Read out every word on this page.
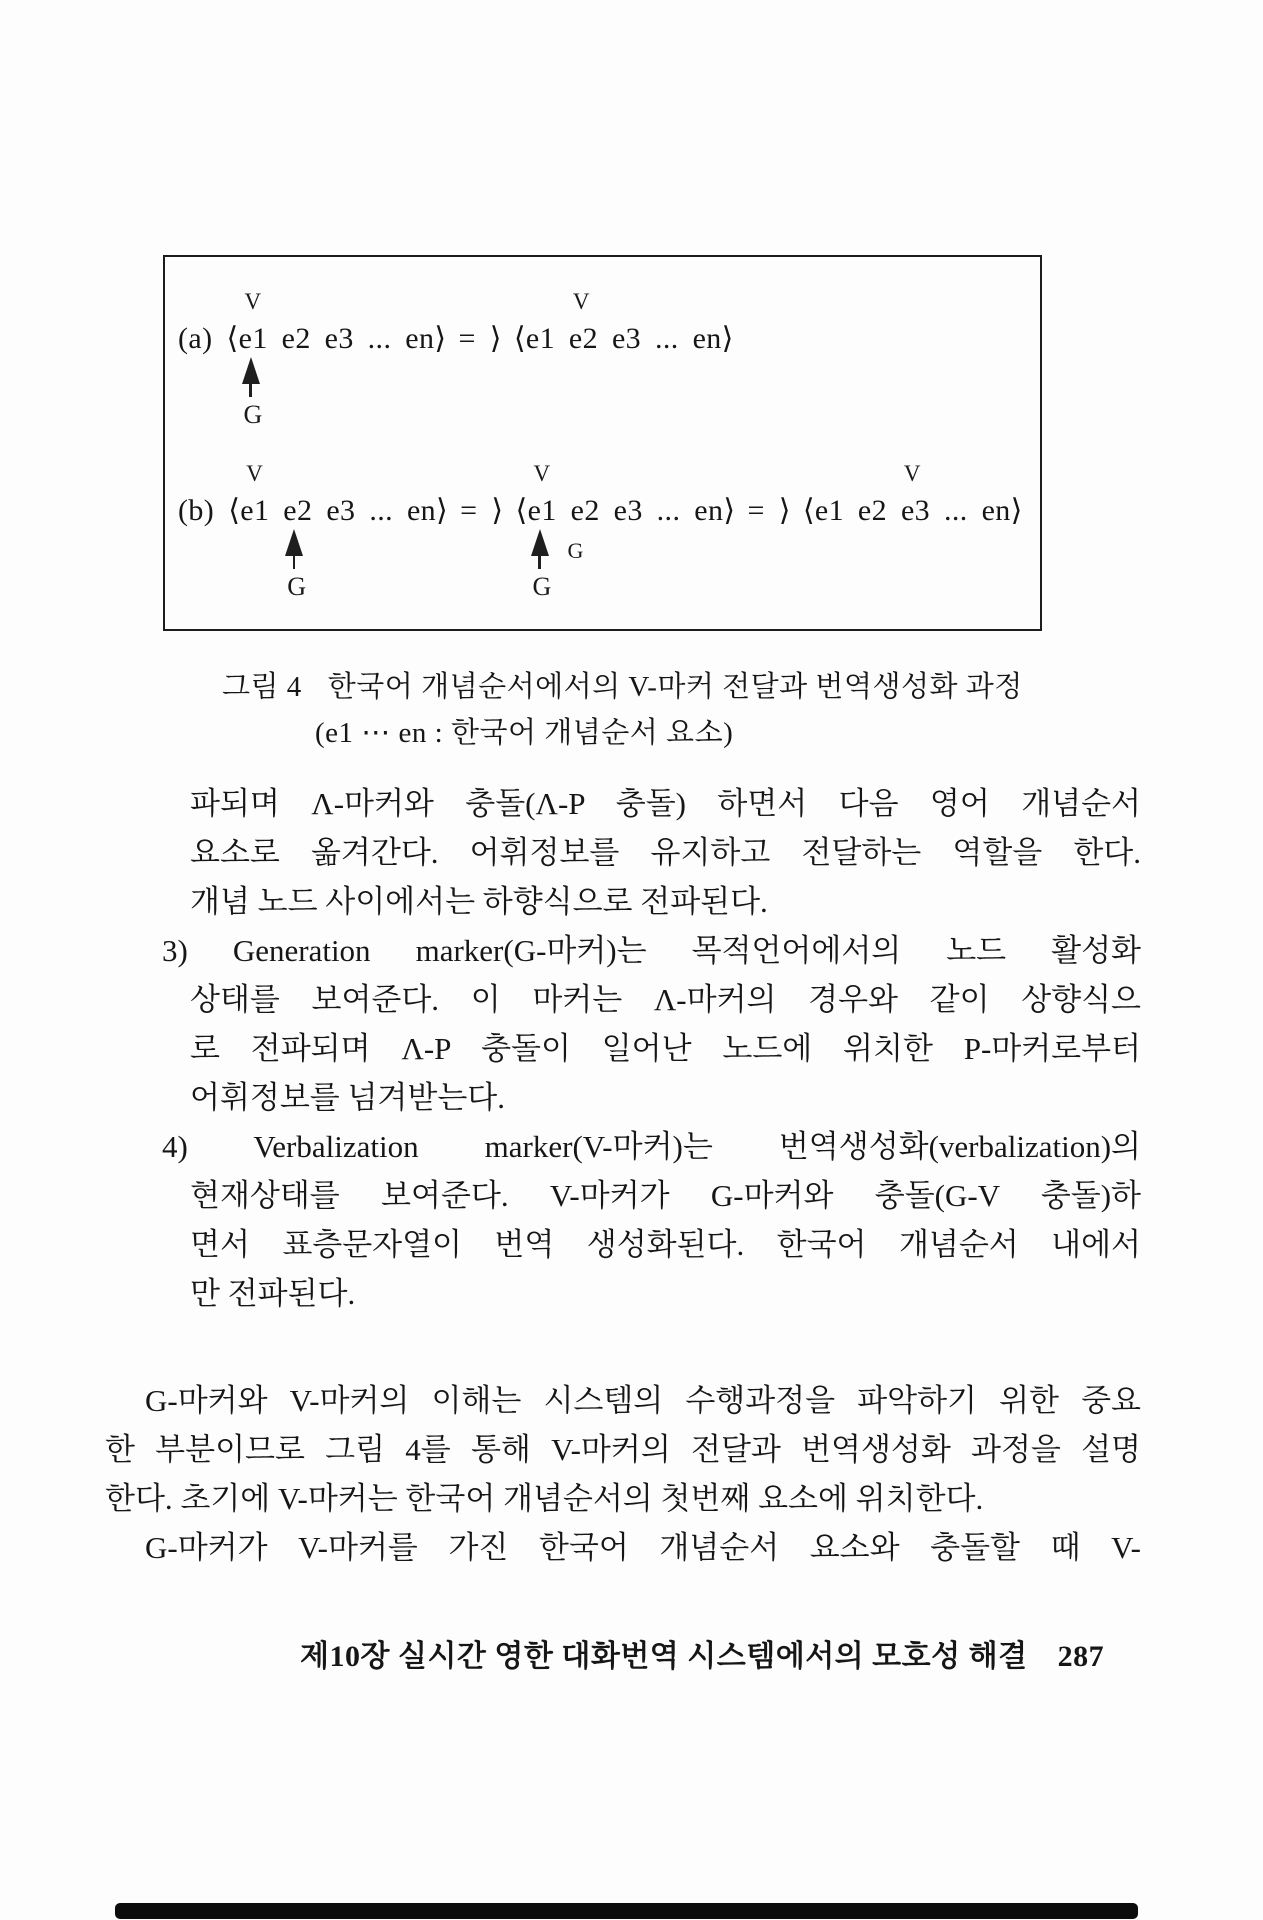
(a)
V
⟨e1 e2 e3 ... en⟩
G
= ⟩
V
⟨e1 e2 e3 ... en⟩
(b)
V
⟨e1 e2 e3 ... en⟩
G
= ⟩
V
⟨e1 e2 e3 ... en⟩
G
G
= ⟩
V
⟨e1 e2 e3 ... en⟩
그림 4 한국어 개념순서에서의 V-마커 전달과 번역생성화 과정
(e1 ⋯ en : 한국어 개념순서 요소)
파되며 Λ-마커와 충돌(Λ-P 충돌) 하면서 다음 영어 개념순서
요소로 옮겨간다. 어휘정보를 유지하고 전달하는 역할을 한다.
개념 노드 사이에서는 하향식으로 전파된다.
3) Generation marker(G-마커)는 목적언어에서의 노드 활성화
상태를 보여준다. 이 마커는 Λ-마커의 경우와 같이 상향식으
로 전파되며 Λ-P 충돌이 일어난 노드에 위치한 P-마커로부터
어휘정보를 넘겨받는다.
4) Verbalization marker(V-마커)는 번역생성화(verbalization)의
현재상태를 보여준다. V-마커가 G-마커와 충돌(G-V 충돌)하
면서 표층문자열이 번역 생성화된다. 한국어 개념순서 내에서
만 전파된다.
G-마커와 V-마커의 이해는 시스템의 수행과정을 파악하기 위한 중요
한 부분이므로 그림 4를 통해 V-마커의 전달과 번역생성화 과정을 설명
한다. 초기에 V-마커는 한국어 개념순서의 첫번째 요소에 위치한다.
G-마커가 V-마커를 가진 한국어 개념순서 요소와 충돌할 때 V-
제10장 실시간 영한 대화번역 시스템에서의 모호성 해결 287
